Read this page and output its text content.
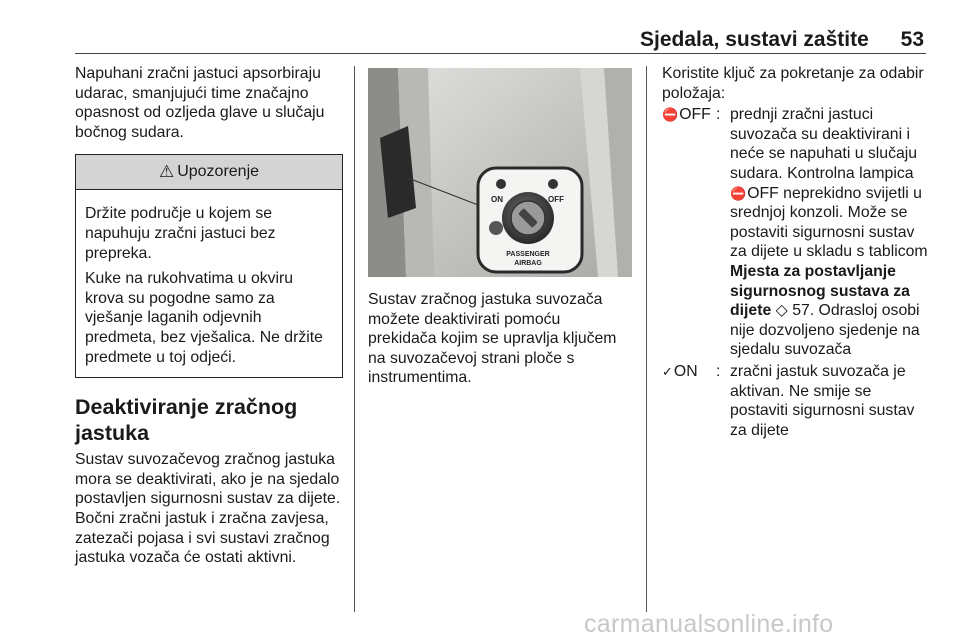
Sjedala, sustavi zaštite	53

Napuhani zračni jastuci apsorbiraju udarac, smanjujući time značajno opasnost od ozljeda glave u slučaju bočnog sudara.

⚠ Upozorenje

Držite područje u kojem se napuhuju zračni jastuci bez prepreka.

Kuke na rukohvatima u okviru krova su pogodne samo za vješanje laganih odjevnih predmeta, bez vješalica. Ne držite predmete u toj odjeći.

Deaktiviranje zračnog jastuka

Sustav suvozačevog zračnog jastuka mora se deaktivirati, ako je na sjedalo postavljen sigurnosni sustav za dijete. Bočni zračni jastuk i zračna zavjesa, zatezači pojasa i svi sustavi zračnog jastuka vozača će ostati aktivni.

ON	OFF
PASSENGER
AIRBAG

Sustav zračnog jastuka suvozača možete deaktivirati pomoću prekidača kojim se upravlja ključem na suvozačevoj strani ploče s instrumentima.

Koristite ključ za pokretanje za odabir položaja:

⛔OFF : prednji zračni jastuci suvozača su deaktivirani i neće se napuhati u slučaju sudara. Kontrolna lampica ⛔OFF neprekidno svijetli u srednjoj konzoli. Može se postaviti sigurnosni sustav za dijete u skladu s tablicom Mjesta za postavljanje sigurnosnog sustava za dijete ◇ 57. Odrasloj osobi nije dozvoljeno sjedenje na sjedalu suvozača
✓ON	: zračni jastuk suvozača je aktivan. Ne smije se postaviti sigurnosni sustav za dijete
carmanualsonline.info
